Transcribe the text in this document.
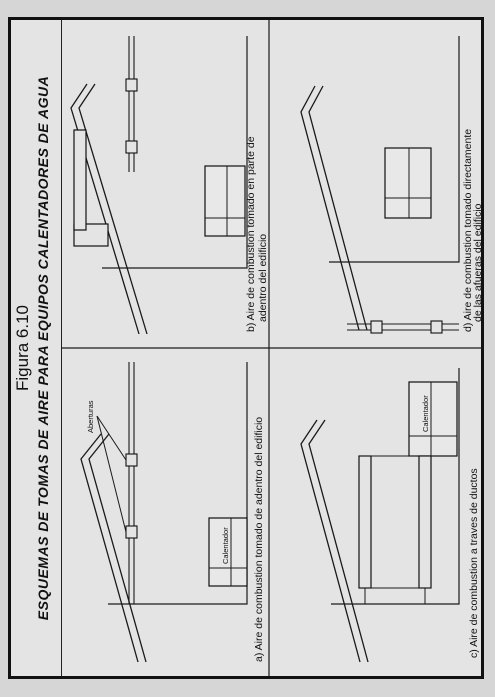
Figura 6.10 ESQUEMAS DE TOMAS DE AIRE PARA EQUIPOS CALENTADORES DE AGUA	Calentador
Aberturas
a) Aire de combustion tomado de adentro del edificio
b) Aire de combustion tomado en parte de adentro del edificio
Calentador
c) Aire de combustion a traves de ductos
d) Aire de combustion tomado directamente
de las afueras del edificio
